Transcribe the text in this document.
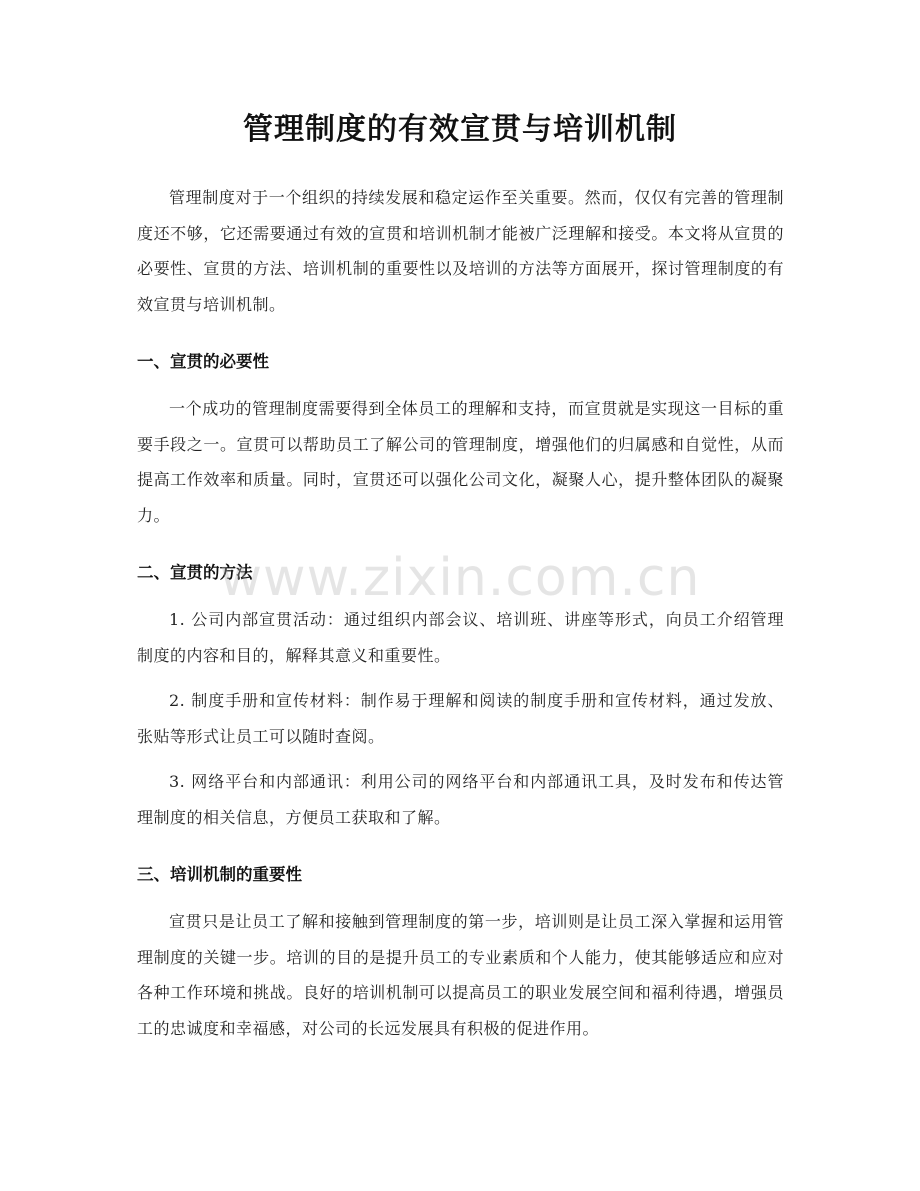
管理制度的有效宣贯与培训机制

管理制度对于一个组织的持续发展和稳定运作至关重要。然而，仅仅有完善的管理制度还不够，它还需要通过有效的宣贯和培训机制才能被广泛理解和接受。本文将从宣贯的必要性、宣贯的方法、培训机制的重要性以及培训的方法等方面展开，探讨管理制度的有效宣贯与培训机制。

一、宣贯的必要性

一个成功的管理制度需要得到全体员工的理解和支持，而宣贯就是实现这一目标的重要手段之一。宣贯可以帮助员工了解公司的管理制度，增强他们的归属感和自觉性，从而提高工作效率和质量。同时，宣贯还可以强化公司文化，凝聚人心，提升整体团队的凝聚力。

二、宣贯的方法

1. 公司内部宣贯活动：通过组织内部会议、培训班、讲座等形式，向员工介绍管理制度的内容和目的，解释其意义和重要性。

2. 制度手册和宣传材料：制作易于理解和阅读的制度手册和宣传材料，通过发放、张贴等形式让员工可以随时查阅。

3. 网络平台和内部通讯：利用公司的网络平台和内部通讯工具，及时发布和传达管理制度的相关信息，方便员工获取和了解。

三、培训机制的重要性

宣贯只是让员工了解和接触到管理制度的第一步，培训则是让员工深入掌握和运用管理制度的关键一步。培训的目的是提升员工的专业素质和个人能力，使其能够适应和应对各种工作环境和挑战。良好的培训机制可以提高员工的职业发展空间和福利待遇，增强员工的忠诚度和幸福感，对公司的长远发展具有积极的促进作用。

www.zixin.com.cn
